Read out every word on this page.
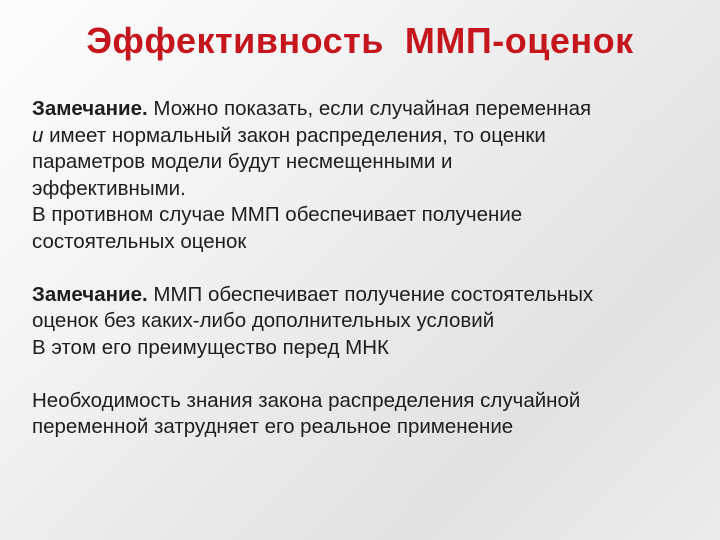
Эффективность  ММП-оценок
Замечание. Можно показать, если случайная переменная
u имеет нормальный закон распределения, то оценки
параметров модели будут несмещенными и
эффективными.
В противном случае ММП обеспечивает получение
состоятельных оценок
Замечание. ММП обеспечивает получение состоятельных
оценок без каких-либо дополнительных условий
В этом его преимущество перед МНК
Необходимость знания закона распределения случайной
переменной затрудняет его реальное применение
